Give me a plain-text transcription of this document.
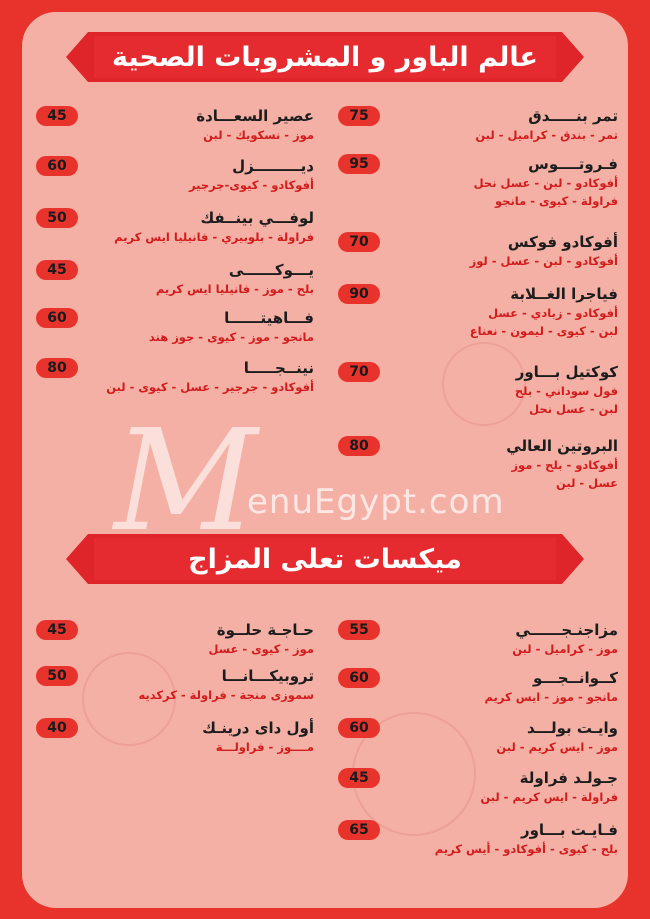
عالم الباور و المشروبات الصحية
ميكسات تعلى المزاج
تمر بنـــــدق
تمر - بندق - كراميل - لبن
75
فـروتــــوس
أفوكادو - لبن - عسل نحل
فراولة - كيوى - مانجو
95
أفوكادو فوكس
أفوكادو - لبن - عسل - لوز
70
فياجرا الغــلابة
أفوكادو - زبادي - عسل
لبن - كيوى - ليمون - نعناع
90
كوكتيل بـــاور
فول سوداني - بلح
لبن - عسل نحل
70
البروتين العالي
أفوكادو - بلح - موز
عسل - لبن
80
عصير السعـــادة
موز - نسكويك - لبن
45
ديـــــــــزل
أفوكادو - كيوى-جرجير
60
لوفـــي بينــفك
فراولة - بلوبيري - فانيليا ايس كريم
50
يـــوكــــــى
بلح - موز - فانيليا ايس كريم
45
فـــاهيتــــــا
مانجو - موز - كيوى - جوز هند
60
نينــجـــــا
أفوكادو - جرجير - عسل - كيوى - لبن
80
مزاجنـجــــــي
موز - كراميل - لبن
55
كــوانــجـــو
مانجو - موز - ايس كريم
60
وايـت بولـــد
موز - ايس كريم - لبن
60
جـولـد فراولة
فراولة - ايس كريم - لبن
45
فـايـت بـــاور
بلح - كيوى - أفوكادو - أيس كريم
65
حـاجـة حلــوة
موز - كيوى - عسل
45
تروبيكـــانـــا
سموزى منجة - فراولة - كركديه
50
أول داى درينـك
مــــوز - فراولـــة
40
M
enuEgypt.com
